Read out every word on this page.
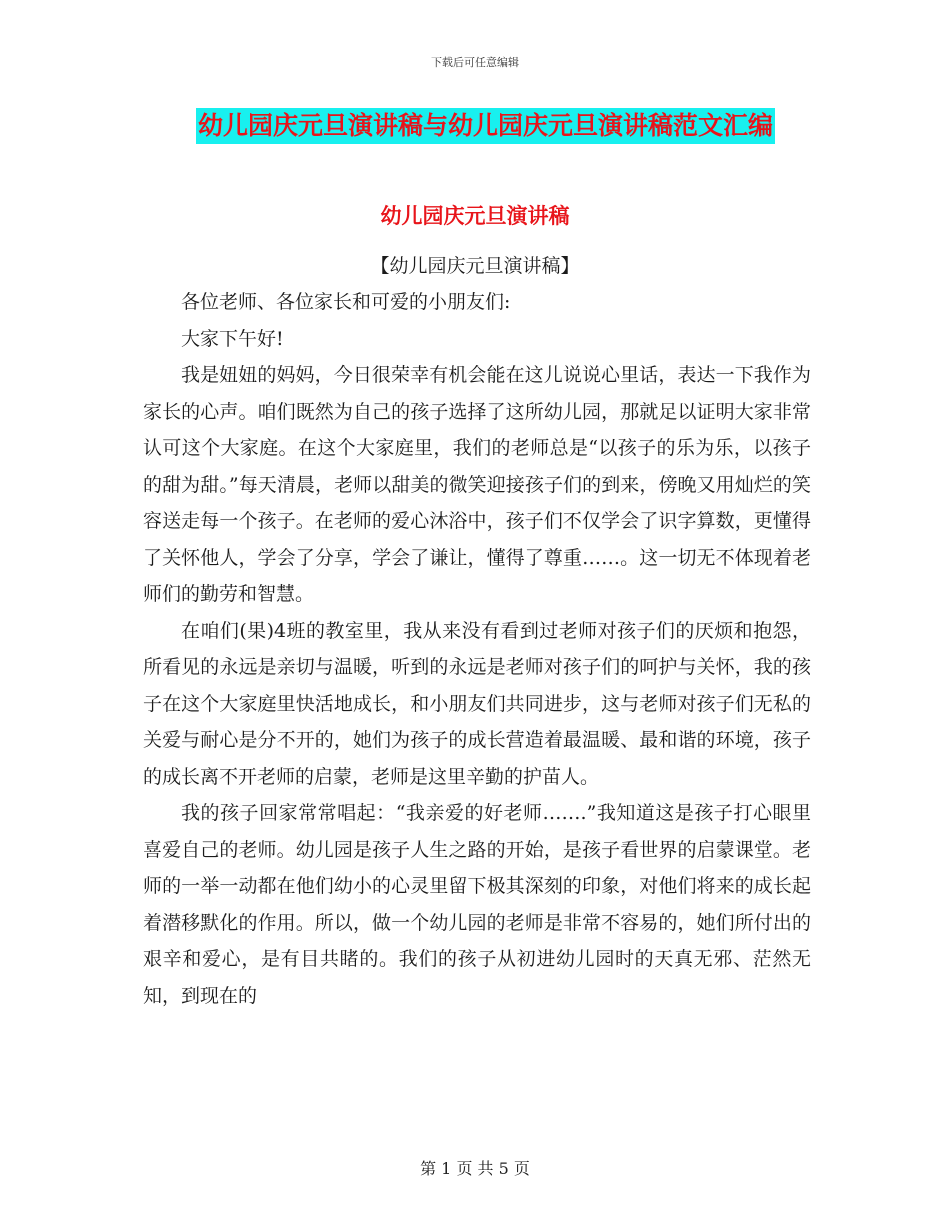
下载后可任意编辑
幼儿园庆元旦演讲稿与幼儿园庆元旦演讲稿范文汇编
幼儿园庆元旦演讲稿
【幼儿园庆元旦演讲稿】

各位老师、各位家长和可爱的小朋友们:

大家下午好!

我是妞妞的妈妈，今日很荣幸有机会能在这儿说说心里话，表达一下我作为家长的心声。咱们既然为自己的孩子选择了这所幼儿园，那就足以证明大家非常认可这个大家庭。在这个大家庭里，我们的老师总是“以孩子的乐为乐，以孩子的甜为甜。”每天清晨，老师以甜美的微笑迎接孩子们的到来，傍晚又用灿烂的笑容送走每一个孩子。在老师的爱心沐浴中，孩子们不仅学会了识字算数，更懂得了关怀他人，学会了分享，学会了谦让，懂得了尊重……。这一切无不体现着老师们的勤劳和智慧。

在咱们(果)4班的教室里，我从来没有看到过老师对孩子们的厌烦和抱怨，所看见的永远是亲切与温暖，听到的永远是老师对孩子们的呵护与关怀，我的孩子在这个大家庭里快活地成长，和小朋友们共同进步，这与老师对孩子们无私的关爱与耐心是分不开的，她们为孩子的成长营造着最温暖、最和谐的环境，孩子的成长离不开老师的启蒙，老师是这里辛勤的护苗人。

我的孩子回家常常唱起：“我亲爱的好老师…….”我知道这是孩子打心眼里喜爱自己的老师。幼儿园是孩子人生之路的开始，是孩子看世界的启蒙课堂。老师的一举一动都在他们幼小的心灵里留下极其深刻的印象，对他们将来的成长起着潜移默化的作用。所以，做一个幼儿园的老师是非常不容易的，她们所付出的艰辛和爱心，是有目共睹的。我们的孩子从初进幼儿园时的天真无邪、茫然无知，到现在的

第 1 页 共 5 页
